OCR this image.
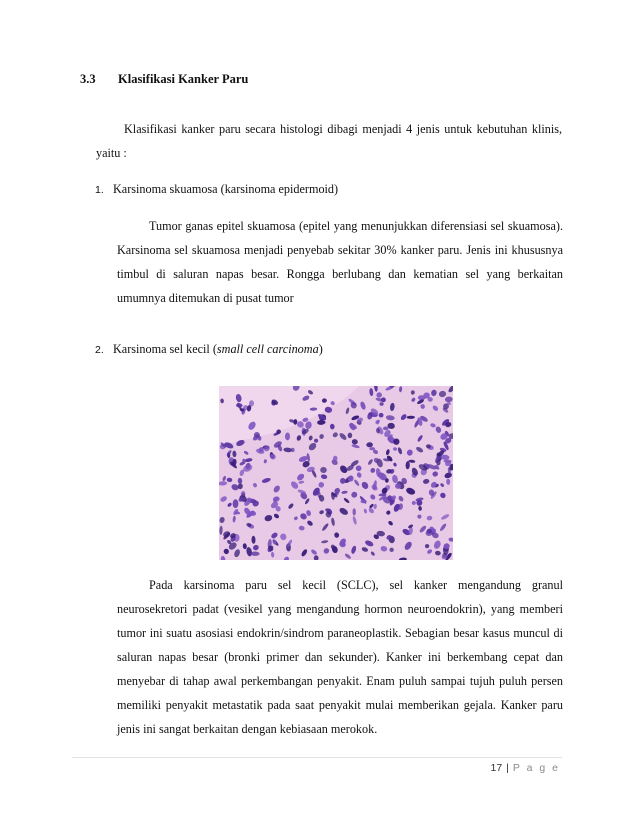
3.3	Klasifikasi Kanker Paru
Klasifikasi kanker paru secara histologi dibagi menjadi 4 jenis untuk kebutuhan klinis, yaitu :
1. Karsinoma skuamosa (karsinoma epidermoid)
Tumor ganas epitel skuamosa (epitel yang menunjukkan diferensiasi sel skuamosa). Karsinoma sel skuamosa menjadi penyebab sekitar 30% kanker paru. Jenis ini khususnya timbul di saluran napas besar. Rongga berlubang dan kematian sel yang berkaitan umumnya ditemukan di pusat tumor
2. Karsinoma sel kecil (small cell carcinoma)
Pada karsinoma paru sel kecil (SCLC), sel kanker mengandung granul neurosekretori padat (vesikel yang mengandung hormon neuroendokrin), yang memberi tumor ini suatu asosiasi endokrin/sindrom paraneoplastik. Sebagian besar kasus muncul di saluran napas besar (bronki primer dan sekunder). Kanker ini berkembang cepat dan menyebar di tahap awal perkembangan penyakit. Enam puluh sampai tujuh puluh persen memiliki penyakit metastatik pada saat penyakit mulai memberikan gejala. Kanker paru jenis ini sangat berkaitan dengan kebiasaan merokok.
17 | P a g e
